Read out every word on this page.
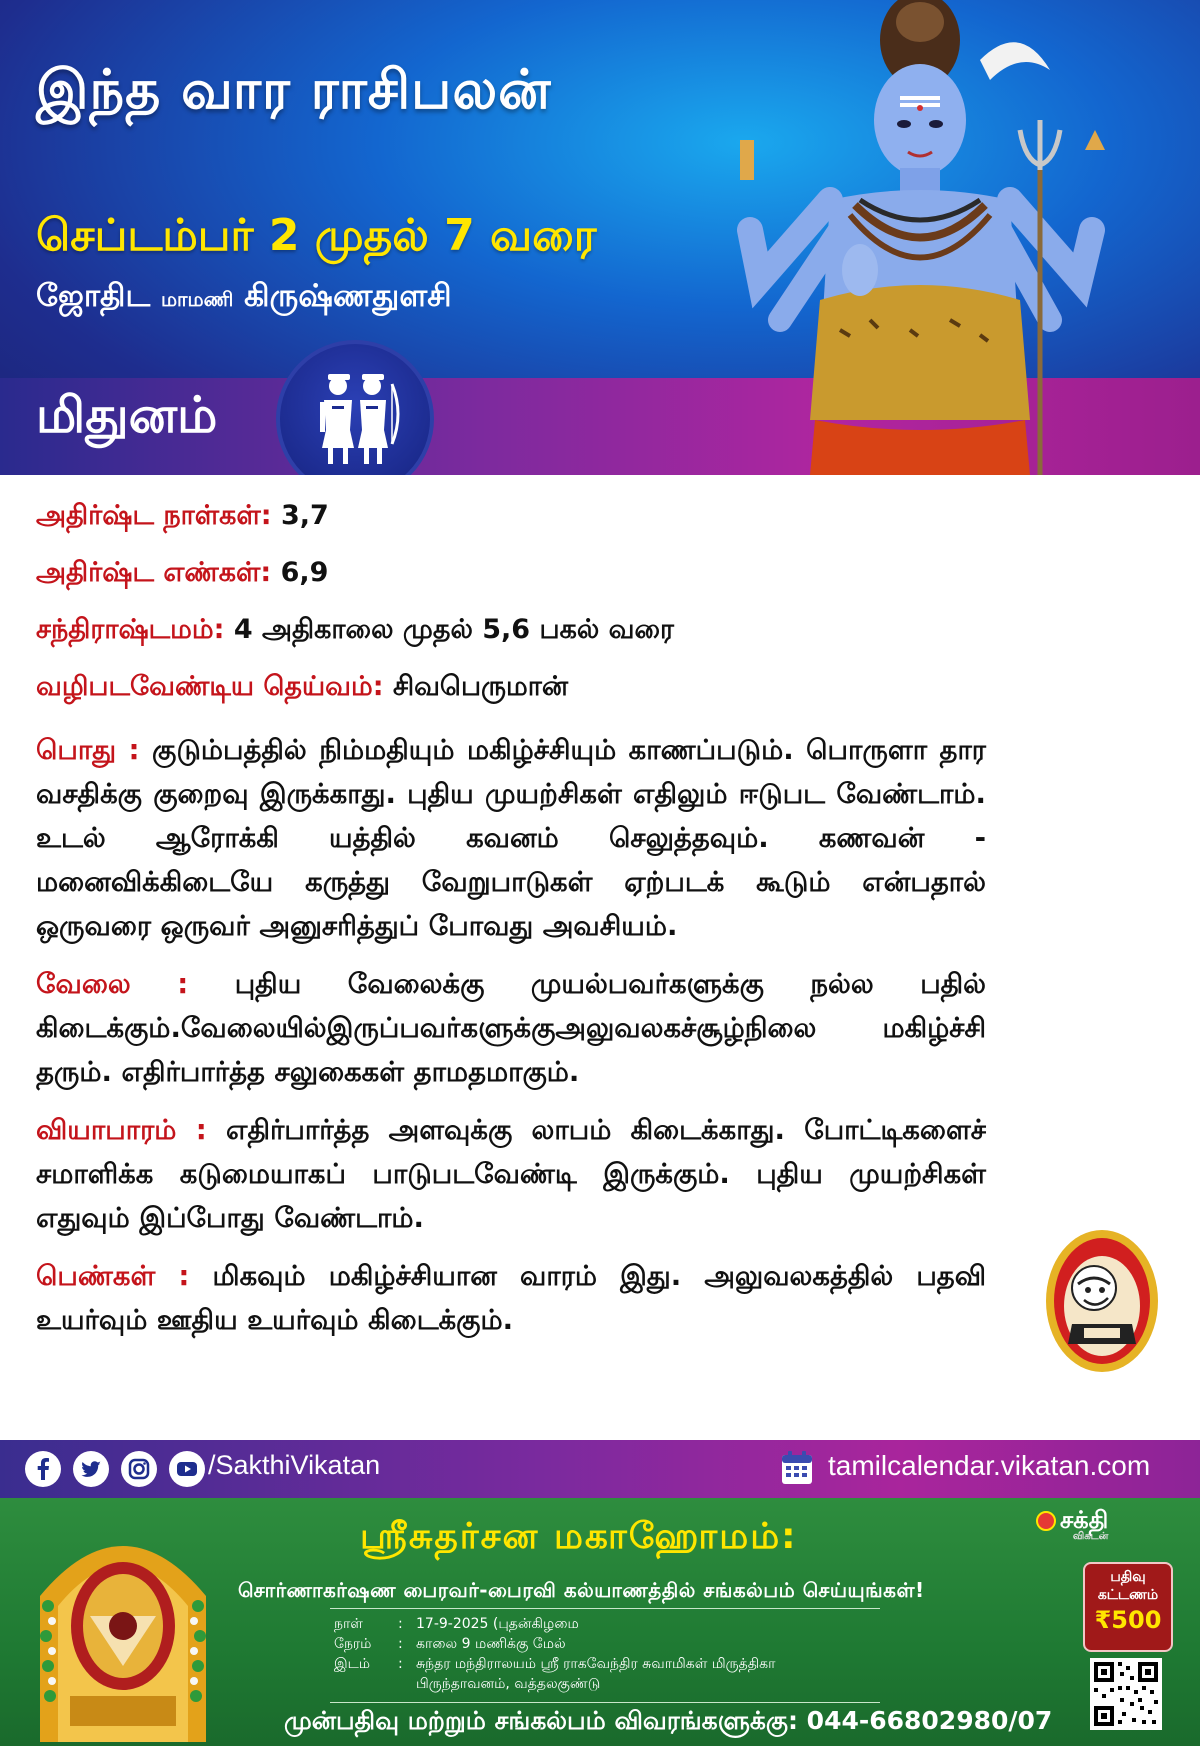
இந்த வார ராசிபலன்
செப்டம்பர் 2 முதல் 7 வரை
ஜோதிட மாமணி கிருஷ்ணதுளசி
மிதுனம்
அதிர்ஷ்ட நாள்கள்: 3,7
அதிர்ஷ்ட எண்கள்: 6,9
சந்திராஷ்டமம்: 4 அதிகாலை முதல் 5,6 பகல் வரை
வழிபடவேண்டிய தெய்வம்: சிவபெருமான்

பொது : குடும்பத்தில் நிம்மதியும் மகிழ்ச்சியும் காணப்படும். பொருளா தார வசதிக்கு குறைவு இருக்காது. புதிய முயற்சிகள் எதிலும் ஈடுபட வேண்டாம். உடல் ஆரோக்கி யத்தில் கவனம் செலுத்தவும். கணவன் - மனைவிக்கிடையே கருத்து வேறுபாடுகள் ஏற்படக் கூடும் என்பதால் ஒருவரை ஒருவர் அனுசரித்துப் போவது அவசியம்.

வேலை : புதிய வேலைக்கு முயல்பவர்களுக்கு நல்ல பதில் கிடைக்கும்.வேலையில்இருப்பவர்களுக்குஅலுவலகச்சூழ்நிலை மகிழ்ச்சி தரும். எதிர்பார்த்த சலுகைகள் தாமதமாகும்.

வியாபாரம் : எதிர்பார்த்த அளவுக்கு லாபம் கிடைக்காது. போட்டிகளைச் சமாளிக்க கடுமையாகப் பாடுபடவேண்டி இருக்கும். புதிய முயற்சிகள் எதுவும் இப்போது வேண்டாம்.

பெண்கள் : மிகவும் மகிழ்ச்சியான வாரம் இது. அலுவலகத்தில் பதவி உயர்வும் ஊதிய உயர்வும் கிடைக்கும்.

/SakthiVikatan	tamilcalendar.vikatan.com
ஸ்ரீசுதர்சன மகாஹோமம்:
சொர்ணாகர்ஷண பைரவர்-பைரவி கல்யாணத்தில் சங்கல்பம் செய்யுங்கள்!
நாள்	: 17-9-2025 (புதன்கிழமை
நேரம்	: காலை 9 மணிக்கு மேல்
இடம்	: சுந்தர மந்திராலயம் ஸ்ரீ ராகவேந்திர சுவாமிகள் மிருத்திகா
பிருந்தாவனம், வத்தலகுண்டு
முன்பதிவு மற்றும் சங்கல்பம் விவரங்களுக்கு: 044-66802980/07
சக்தி
விகடன்
பதிவு
கட்டணம்
₹500
